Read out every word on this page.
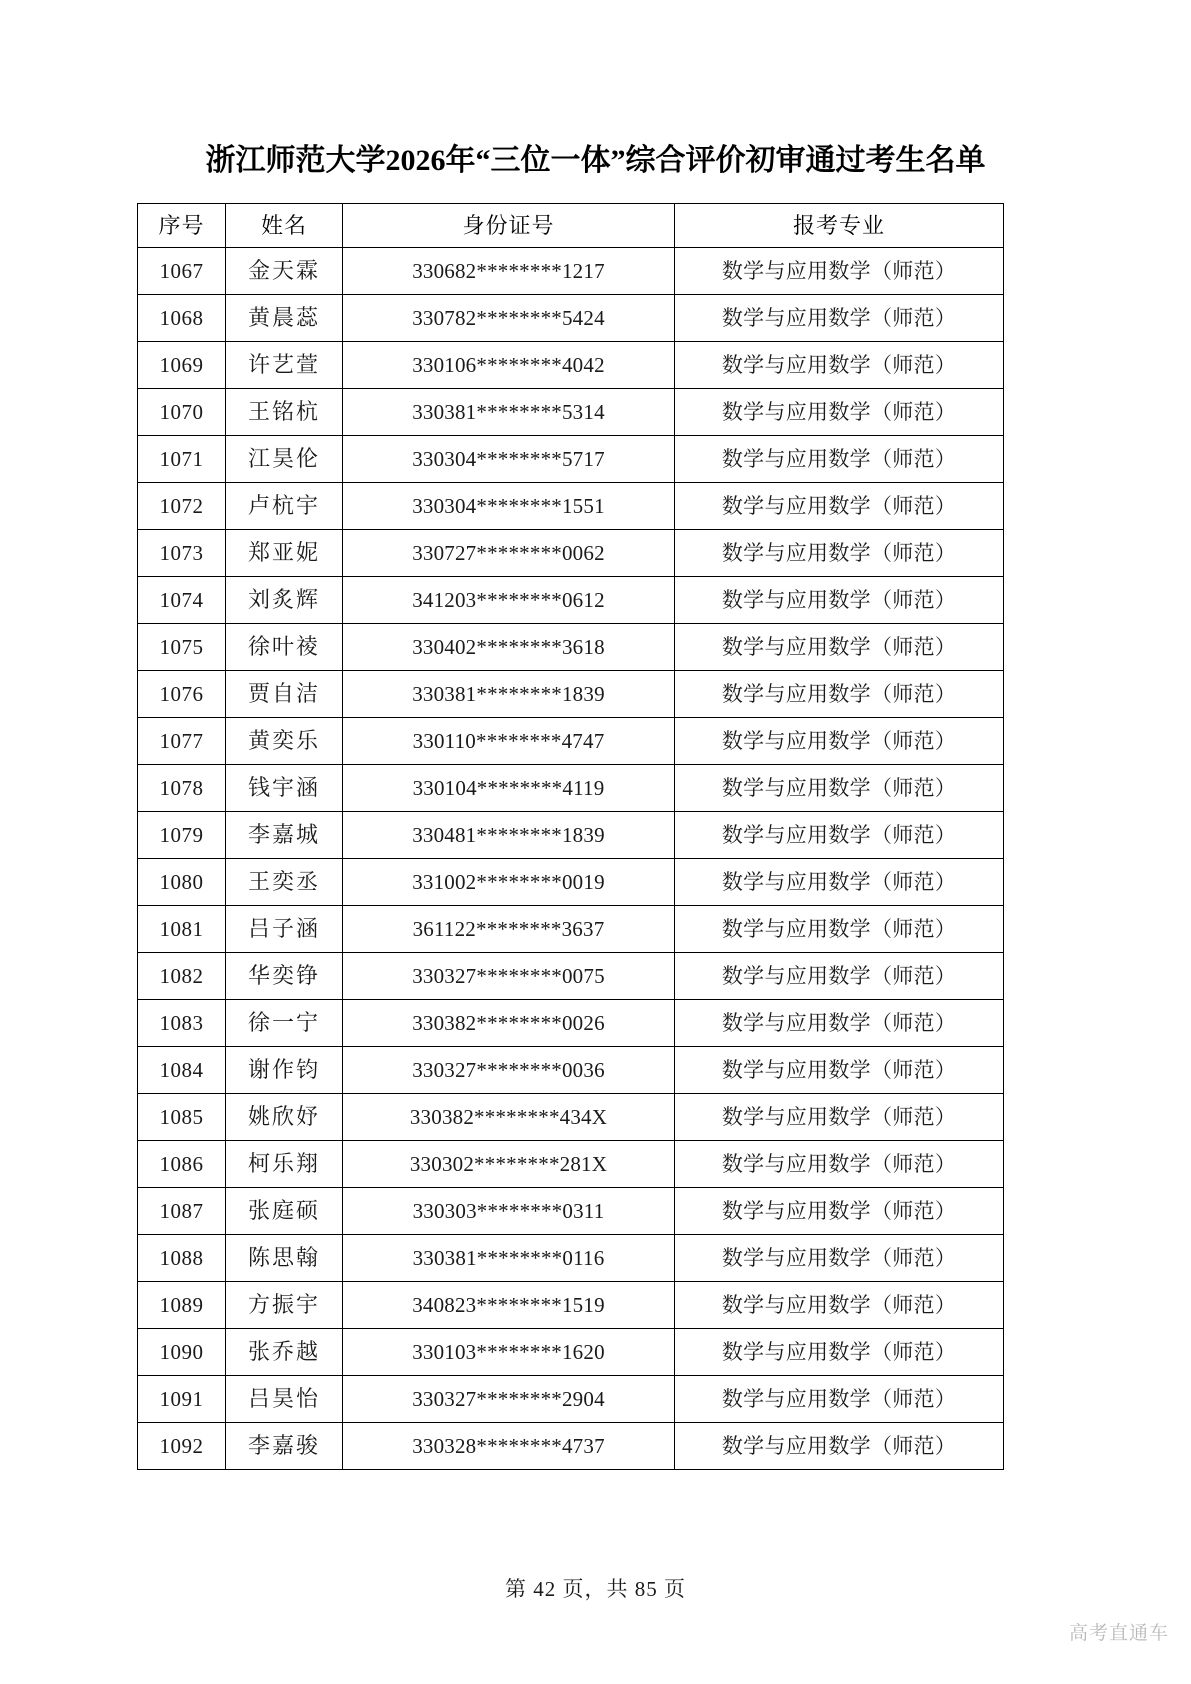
浙江师范大学2026年“三位一体”综合评价初审通过考生名单
序号	姓名	身份证号	报考专业
1067	金天霖	330682********1217	数学与应用数学（师范）
1068	黄晨蕊	330782********5424	数学与应用数学（师范）
1069	许艺萱	330106********4042	数学与应用数学（师范）
1070	王铭杭	330381********5314	数学与应用数学（师范）
1071	江昊伦	330304********5717	数学与应用数学（师范）
1072	卢杭宇	330304********1551	数学与应用数学（师范）
1073	郑亚妮	330727********0062	数学与应用数学（师范）
1074	刘炙辉	341203********0612	数学与应用数学（师范）
1075	徐叶祾	330402********3618	数学与应用数学（师范）
1076	贾自洁	330381********1839	数学与应用数学（师范）
1077	黄奕乐	330110********4747	数学与应用数学（师范）
1078	钱宇涵	330104********4119	数学与应用数学（师范）
1079	李嘉城	330481********1839	数学与应用数学（师范）
1080	王奕丞	331002********0019	数学与应用数学（师范）
1081	吕子涵	361122********3637	数学与应用数学（师范）
1082	华奕铮	330327********0075	数学与应用数学（师范）
1083	徐一宁	330382********0026	数学与应用数学（师范）
1084	谢作钧	330327********0036	数学与应用数学（师范）
1085	姚欣妤	330382********434X	数学与应用数学（师范）
1086	柯乐翔	330302********281X	数学与应用数学（师范）
1087	张庭硕	330303********0311	数学与应用数学（师范）
1088	陈思翰	330381********0116	数学与应用数学（师范）
1089	方振宇	340823********1519	数学与应用数学（师范）
1090	张乔越	330103********1620	数学与应用数学（师范）
1091	吕昊怡	330327********2904	数学与应用数学（师范）
1092	李嘉骏	330328********4737	数学与应用数学（师范）
第 42 页，共 85 页
高考直通车
